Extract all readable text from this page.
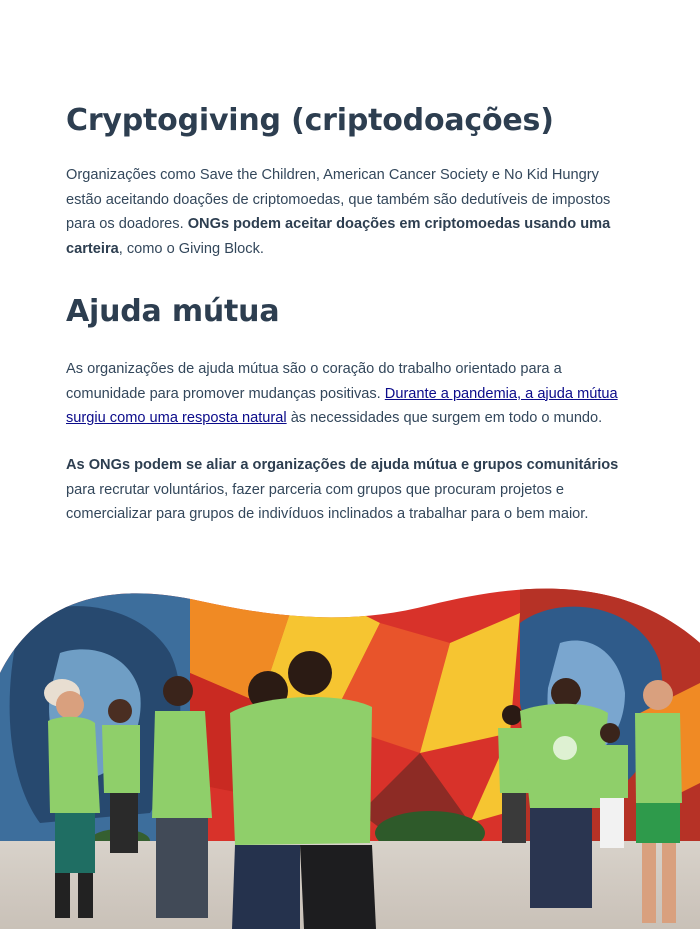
Cryptogiving (criptodoações)

Organizações como Save the Children, American Cancer Society e No Kid Hungry estão aceitando doações de criptomoedas, que também são dedutíveis de impostos para os doadores. ONGs podem aceitar doações em criptomoedas usando uma carteira, como o Giving Block.

Ajuda mútua

As organizações de ajuda mútua são o coração do trabalho orientado para a comunidade para promover mudanças positivas. Durante a pandemia, a ajuda mútua surgiu como uma resposta natural às necessidades que surgem em todo o mundo.

As ONGs podem se aliar a organizações de ajuda mútua e grupos comunitários para recrutar voluntários, fazer parceria com grupos que procuram projetos e comercializar para grupos de indivíduos inclinados a trabalhar para o bem maior.
